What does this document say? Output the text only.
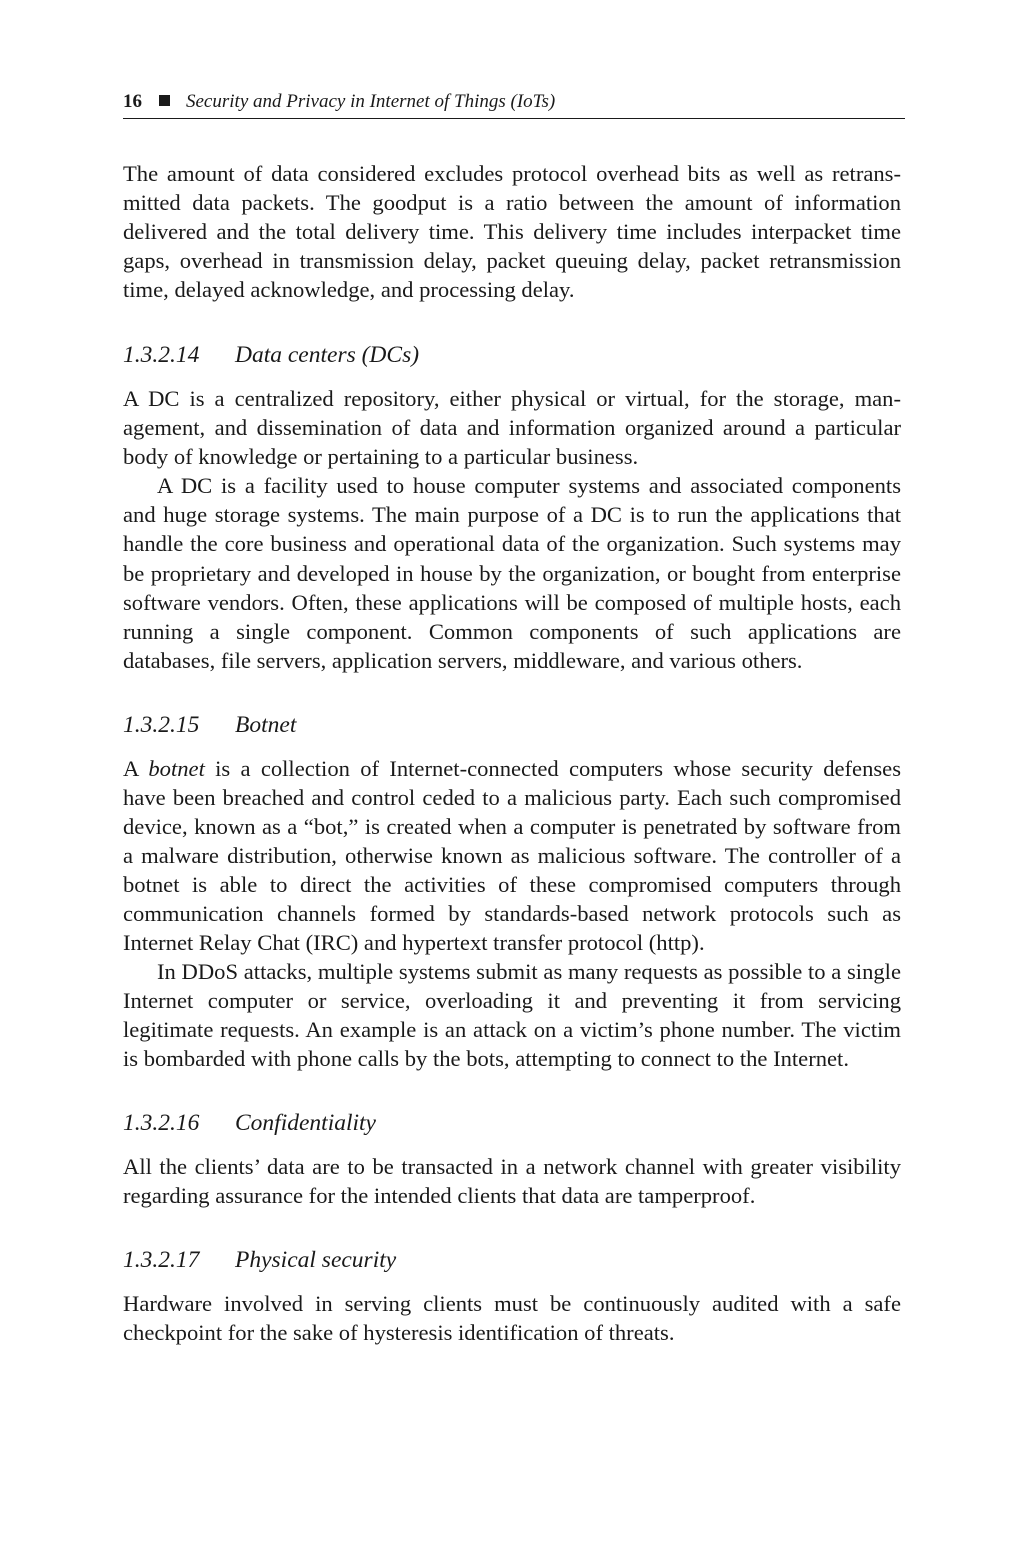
16 Security and Privacy in Internet of Things (IoTs)

The amount of data considered excludes protocol overhead bits as well as retransmitted data packets. The goodput is a ratio between the amount of information delivered and the total delivery time. This delivery time includes interpacket time gaps, overhead in transmission delay, packet queuing delay, packet retransmission time, delayed acknowledge, and processing delay.

1.3.2.14 Data centers (DCs)

A DC is a centralized repository, either physical or virtual, for the storage, management, and dissemination of data and information organized around a particular body of knowledge or pertaining to a particular business.

A DC is a facility used to house computer systems and associated components and huge storage systems. The main purpose of a DC is to run the applications that handle the core business and operational data of the organization. Such systems may be proprietary and developed in house by the organization, or bought from enterprise software vendors. Often, these applications will be composed of multiple hosts, each running a single component. Common components of such applications are databases, file servers, application servers, middleware, and various others.

1.3.2.15 Botnet

A botnet is a collection of Internet-connected computers whose security defenses have been breached and control ceded to a malicious party. Each such compromised device, known as a “bot,” is created when a computer is penetrated by software from a malware distribution, otherwise known as malicious software. The controller of a botnet is able to direct the activities of these compromised computers through communication channels formed by standards-based network protocols such as Internet Relay Chat (IRC) and hypertext transfer protocol (http).

In DDoS attacks, multiple systems submit as many requests as possible to a single Internet computer or service, overloading it and preventing it from servicing legitimate requests. An example is an attack on a victim’s phone number. The victim is bombarded with phone calls by the bots, attempting to connect to the Internet.

1.3.2.16 Confidentiality

All the clients’ data are to be transacted in a network channel with greater visibility regarding assurance for the intended clients that data are tamperproof.

1.3.2.17 Physical security

Hardware involved in serving clients must be continuously audited with a safe checkpoint for the sake of hysteresis identification of threats.
